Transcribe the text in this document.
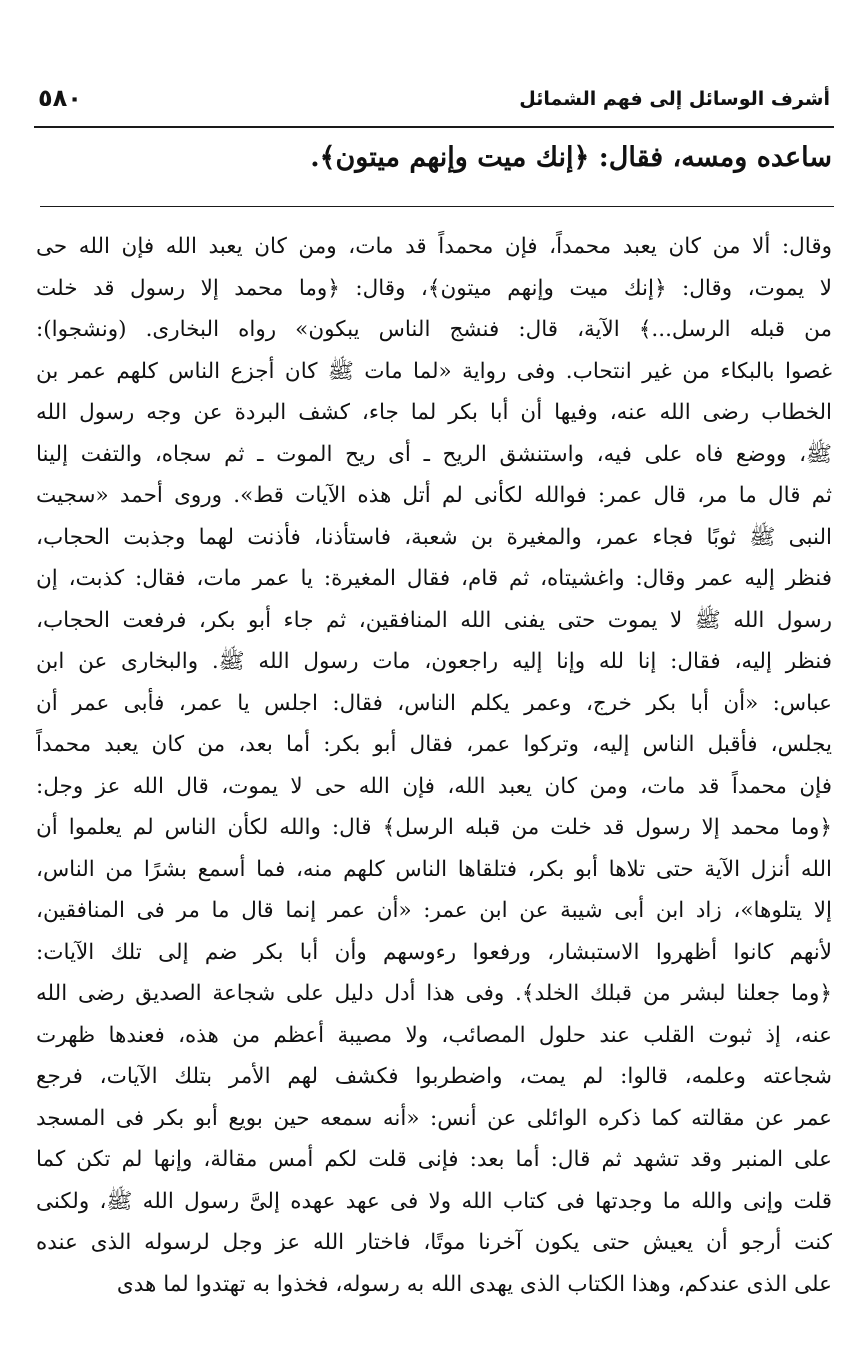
أشرف الوسائل إلى فهم الشمائل
٥٨٠
ساعده ومسه، فقال: ﴿إنك ميت وإنهم ميتون﴾.
وقال: ألا من كان يعبد محمداً، فإن محمداً قد مات، ومن كان يعبد الله فإن الله حى
لا يموت، وقال: ﴿إنك ميت وإنهم ميتون﴾، وقال: ﴿وما محمد إلا رسول قد خلت
من قبله الرسل...﴾ الآية، قال: فنشج الناس يبكون» رواه البخارى. (ونشجوا):
غصوا بالبكاء من غير انتحاب. وفى رواية «لما مات ﷺ كان أجزع الناس كلهم عمر بن
الخطاب رضى الله عنه، وفيها أن أبا بكر لما جاء، كشف البردة عن وجه رسول الله
ﷺ، ووضع فاه على فيه، واستنشق الريح ـ أى ريح الموت ـ ثم سجاه، والتفت إلينا
ثم قال ما مر، قال عمر: فوالله لكأنى لم أتل هذه الآيات قط». وروى أحمد «سجيت
النبى ﷺ ثوبًا فجاء عمر، والمغيرة بن شعبة، فاستأذنا، فأذنت لهما وجذبت الحجاب،
فنظر إليه عمر وقال: واغشيتاه، ثم قام، فقال المغيرة: يا عمر مات، فقال: كذبت، إن
رسول الله ﷺ لا يموت حتى يفنى الله المنافقين، ثم جاء أبو بكر، فرفعت الحجاب،
فنظر إليه، فقال: إنا لله وإنا إليه راجعون، مات رسول الله ﷺ. والبخارى عن ابن
عباس: «أن أبا بكر خرج، وعمر يكلم الناس، فقال: اجلس يا عمر، فأبى عمر أن
يجلس، فأقبل الناس إليه، وتركوا عمر، فقال أبو بكر: أما بعد، من كان يعبد محمداً
فإن محمداً قد مات، ومن كان يعبد الله، فإن الله حى لا يموت، قال الله عز وجل:
﴿وما محمد إلا رسول قد خلت من قبله الرسل﴾ قال: والله لكأن الناس لم يعلموا أن
الله أنزل الآية حتى تلاها أبو بكر، فتلقاها الناس كلهم منه، فما أسمع بشرًا من الناس،
إلا يتلوها»، زاد ابن أبى شيبة عن ابن عمر: «أن عمر إنما قال ما مر فى المنافقين،
لأنهم كانوا أظهروا الاستبشار، ورفعوا رءوسهم وأن أبا بكر ضم إلى تلك الآيات:
﴿وما جعلنا لبشر من قبلك الخلد﴾. وفى هذا أدل دليل على شجاعة الصديق رضى الله
عنه، إذ ثبوت القلب عند حلول المصائب، ولا مصيبة أعظم من هذه، فعندها ظهرت
شجاعته وعلمه، قالوا: لم يمت، واضطربوا فكشف لهم الأمر بتلك الآيات، فرجع
عمر عن مقالته كما ذكره الوائلى عن أنس: «أنه سمعه حين بويع أبو بكر فى المسجد
على المنبر وقد تشهد ثم قال: أما بعد: فإنى قلت لكم أمس مقالة، وإنها لم تكن كما
قلت وإنى والله ما وجدتها فى كتاب الله ولا فى عهد عهده إلىَّ رسول الله ﷺ، ولكنى
كنت أرجو أن يعيش حتى يكون آخرنا موتًا، فاختار الله عز وجل لرسوله الذى عنده
على الذى عندكم، وهذا الكتاب الذى يهدى الله به رسوله، فخذوا به تهتدوا لما هدى
